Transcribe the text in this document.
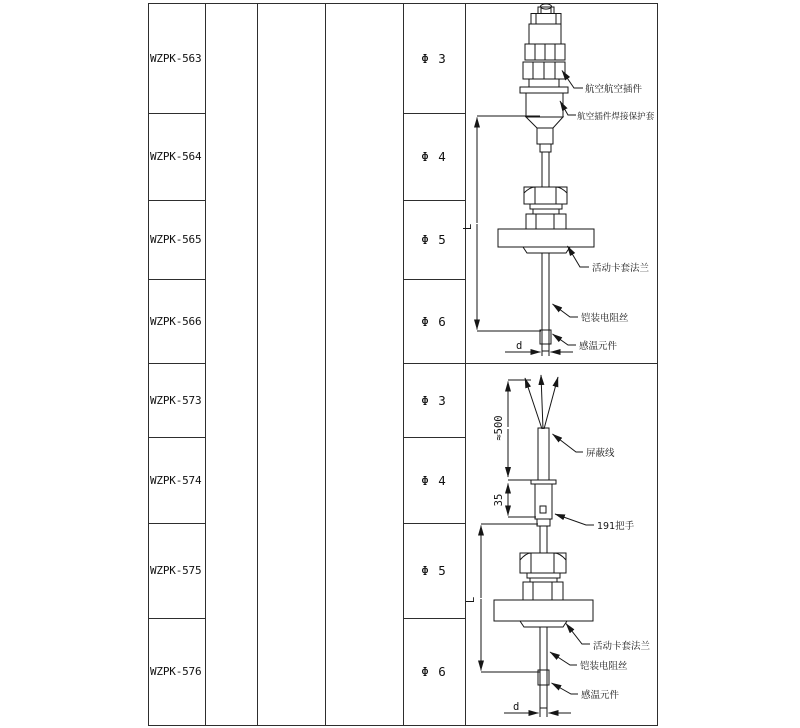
WZPK-563
WZPK-564
WZPK-565
WZPK-566
WZPK-573
WZPK-574
WZPK-575
WZPK-576
Φ 3
Φ 4
Φ 5
Φ 6
Φ 3
Φ 4
Φ 5
Φ 6
L
d
航空航空插件
航空插件焊接保护套
活动卡套法兰
铠装电阻丝
感温元件
≈500
35
L
d
屏蔽线
191把手
活动卡套法兰
铠装电阻丝
感温元件
